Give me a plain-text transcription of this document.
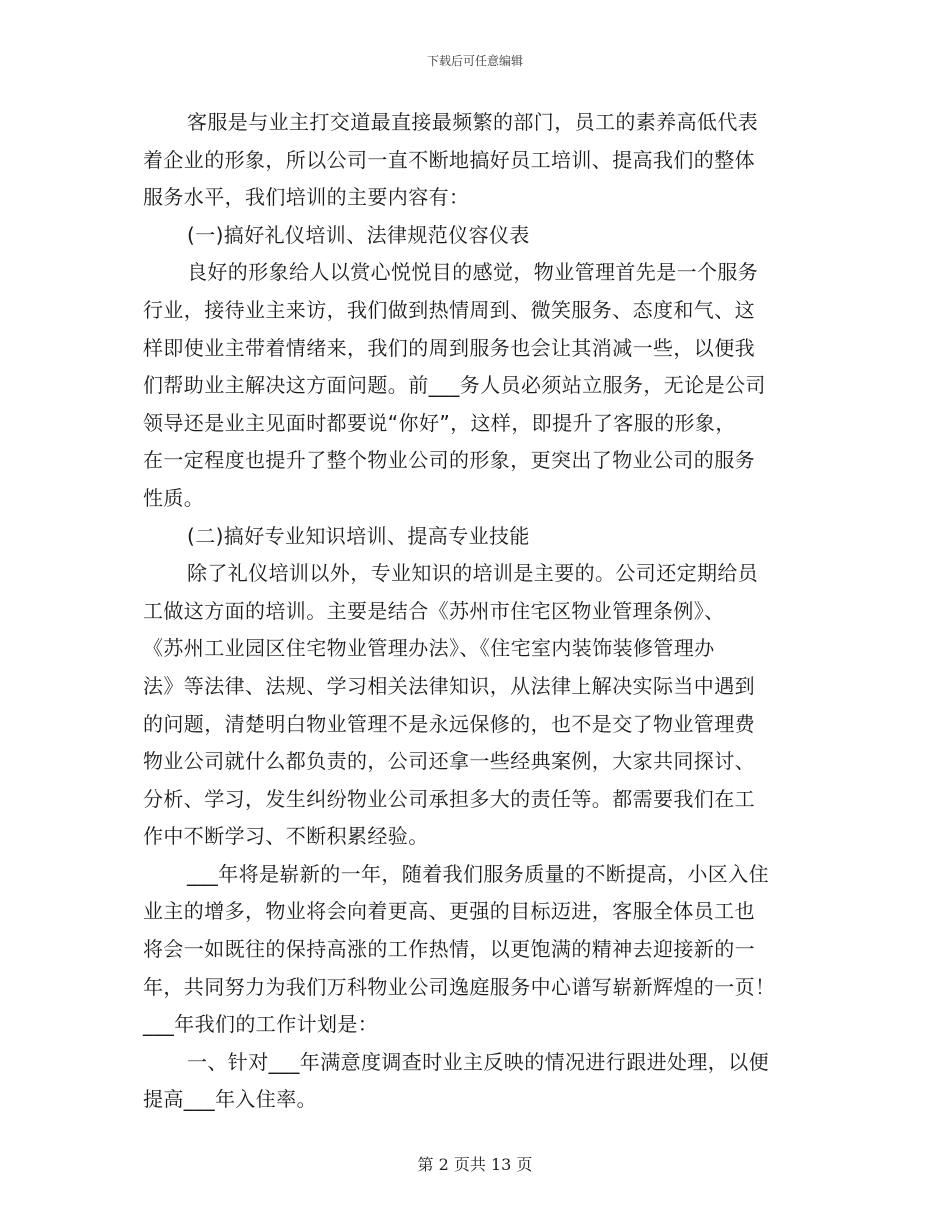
下载后可任意编辑
客服是与业主打交道最直接最频繁的部门，员工的素养高低代表
着企业的形象，所以公司一直不断地搞好员工培训、提高我们的整体
服务水平，我们培训的主要内容有：
(一)搞好礼仪培训、法律规范仪容仪表
良好的形象给人以赏心悦悦目的感觉，物业管理首先是一个服务
行业，接待业主来访，我们做到热情周到、微笑服务、态度和气、这
样即使业主带着情绪来，我们的周到服务也会让其消减一些，以便我
们帮助业主解决这方面问题。前___务人员必须站立服务，无论是公司
领导还是业主见面时都要说“你好”，这样，即提升了客服的形象，
在一定程度也提升了整个物业公司的形象，更突出了物业公司的服务
性质。
(二)搞好专业知识培训、提高专业技能
除了礼仪培训以外，专业知识的培训是主要的。公司还定期给员
工做这方面的培训。主要是结合《苏州市住宅区物业管理条例》、
《苏州工业园区住宅物业管理办法》、《住宅室内装饰装修管理办
法》等法律、法规、学习相关法律知识，从法律上解决实际当中遇到
的问题，清楚明白物业管理不是永远保修的，也不是交了物业管理费
物业公司就什么都负责的，公司还拿一些经典案例，大家共同探讨、
分析、学习，发生纠纷物业公司承担多大的责任等。都需要我们在工
作中不断学习、不断积累经验。
___年将是崭新的一年，随着我们服务质量的不断提高，小区入住
业主的增多，物业将会向着更高、更强的目标迈进，客服全体员工也
将会一如既往的保持高涨的工作热情，以更饱满的精神去迎接新的一
年，共同努力为我们万科物业公司逸庭服务中心谱写崭新辉煌的一页！
___年我们的工作计划是：
一、针对___年满意度调查时业主反映的情况进行跟进处理，以便
提高___年入住率。
第 2 页共 13 页
